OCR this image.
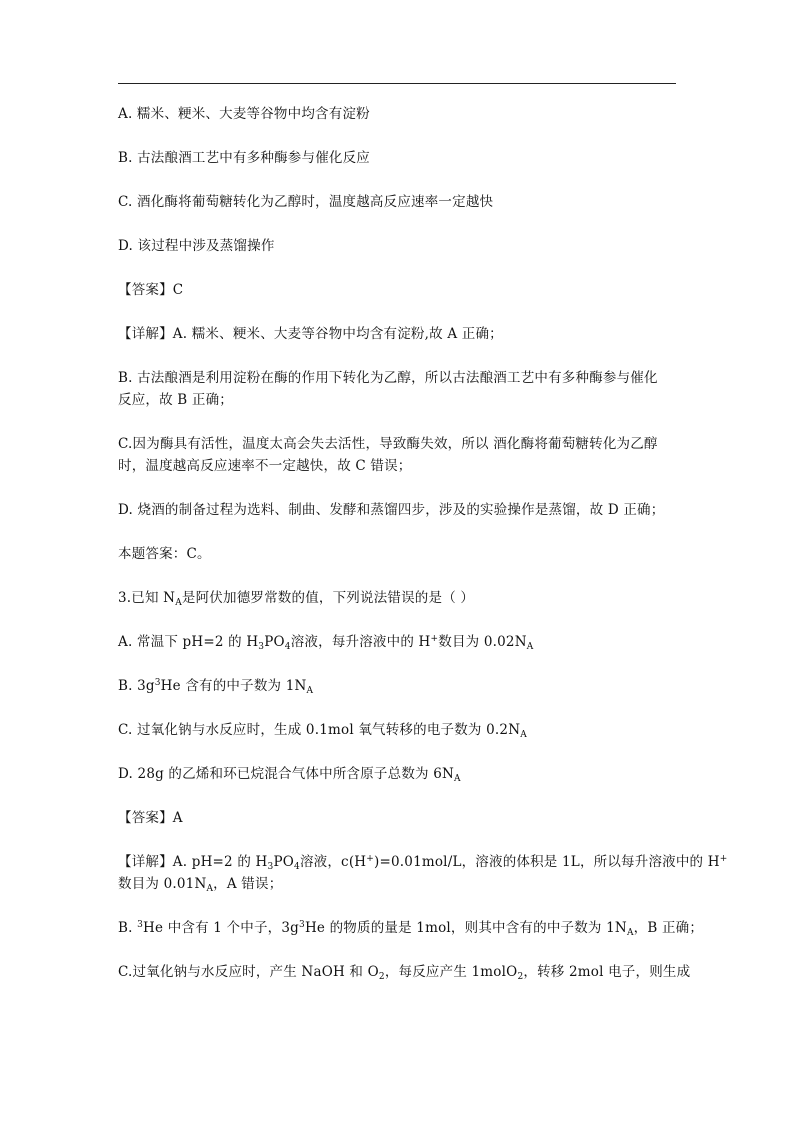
A. 糯米、粳米、大麦等谷物中均含有淀粉
B. 古法酿酒工艺中有多种酶参与催化反应
C. 酒化酶将葡萄糖转化为乙醇时，温度越高反应速率一定越快
D. 该过程中涉及蒸馏操作
【答案】C
【详解】A. 糯米、粳米、大麦等谷物中均含有淀粉,故 A 正确；
B. 古法酿酒是利用淀粉在酶的作用下转化为乙醇，所以古法酿酒工艺中有多种酶参与催化
反应，故 B 正确；
C.因为酶具有活性，温度太高会失去活性，导致酶失效，所以 酒化酶将葡萄糖转化为乙醇
时，温度越高反应速率不一定越快，故 C 错误；
D. 烧酒的制备过程为选料、制曲、发酵和蒸馏四步，涉及的实验操作是蒸馏，故 D 正确；
本题答案：C。
3.已知 $N_A$是阿伏加德罗常数的值，下列说法错误的是（ ）
A. 常温下 pH=2 的 $H_3PO_4$溶液，每升溶液中的 H+数目为 $0.02N_A$
B. $3g^3He$ 含有的中子数为 $1N_A$
C. 过氧化钠与水反应时，生成 0.1mol 氧气转移的电子数为 $0.2N_A$
D. 28g 的乙烯和环已烷混合气体中所含原子总数为 $6N_A$
【答案】A
【详解】A. pH=2 的 $H_3PO_4$溶液，c(H+)=0.01mol/L，溶液的体积是 1L，所以每升溶液中的 H+
数目为 $0.01N_A$，A 错误；
B. $^3$He 中含有 1 个中子，$3g^3He$ 的物质的量是 1mol，则其中含有的中子数为 $1N_A$，B 正确；
C.过氧化钠与水反应时，产生 NaOH 和 $O_2$，每反应产生 1molO$_2$，转移 2mol 电子，则生成
